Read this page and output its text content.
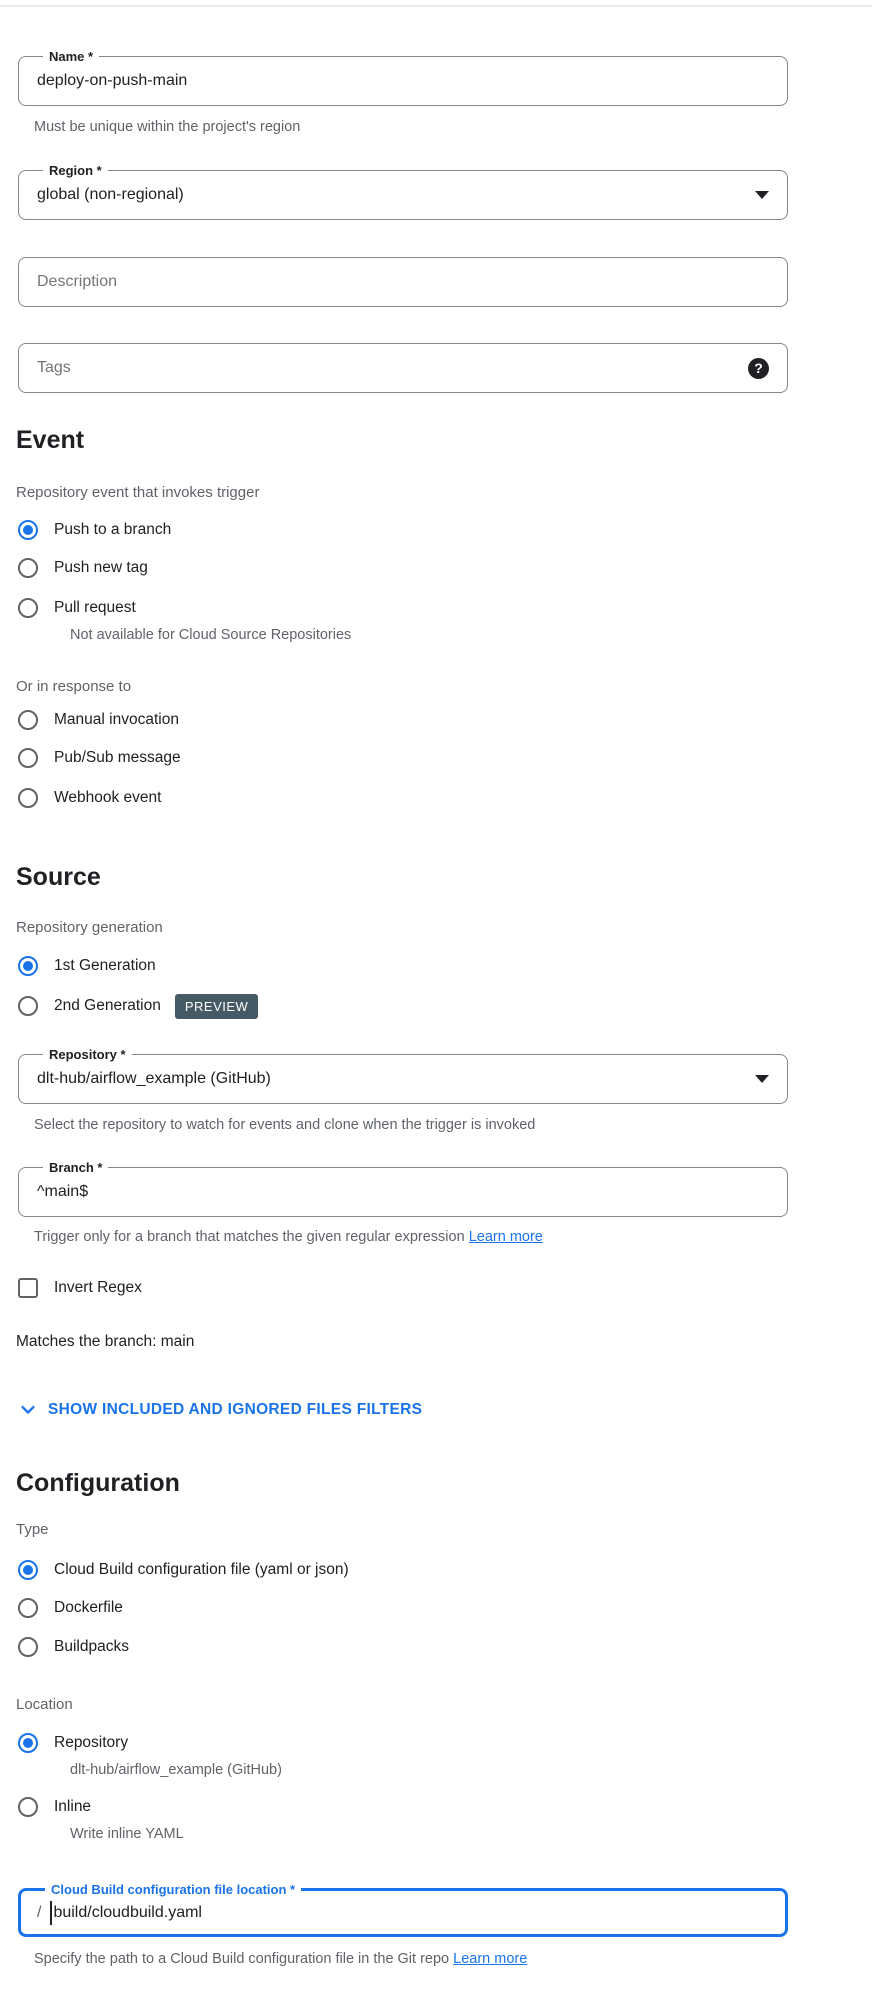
Name *
deploy-on-push-main
Must be unique within the project's region
Region *
global (non-regional)
Description
Tags	?
Event
Repository event that invokes trigger
Push to a branch
Push new tag
Pull request
Not available for Cloud Source Repositories
Or in response to
Manual invocation
Pub/Sub message
Webhook event
Source
Repository generation
1st Generation
2nd Generation	PREVIEW
Repository *
dlt-hub/airflow_example (GitHub)
Select the repository to watch for events and clone when the trigger is invoked
Branch *
^main$
Trigger only for a branch that matches the given regular expression Learn more
Invert Regex
Matches the branch: main
SHOW INCLUDED AND IGNORED FILES FILTERS
Configuration
Type
Cloud Build configuration file (yaml or json)
Dockerfile
Buildpacks
Location
Repository
dlt-hub/airflow_example (GitHub)
Inline
Write inline YAML
Cloud Build configuration file location *
/ build/cloudbuild.yaml
Specify the path to a Cloud Build configuration file in the Git repo Learn more
